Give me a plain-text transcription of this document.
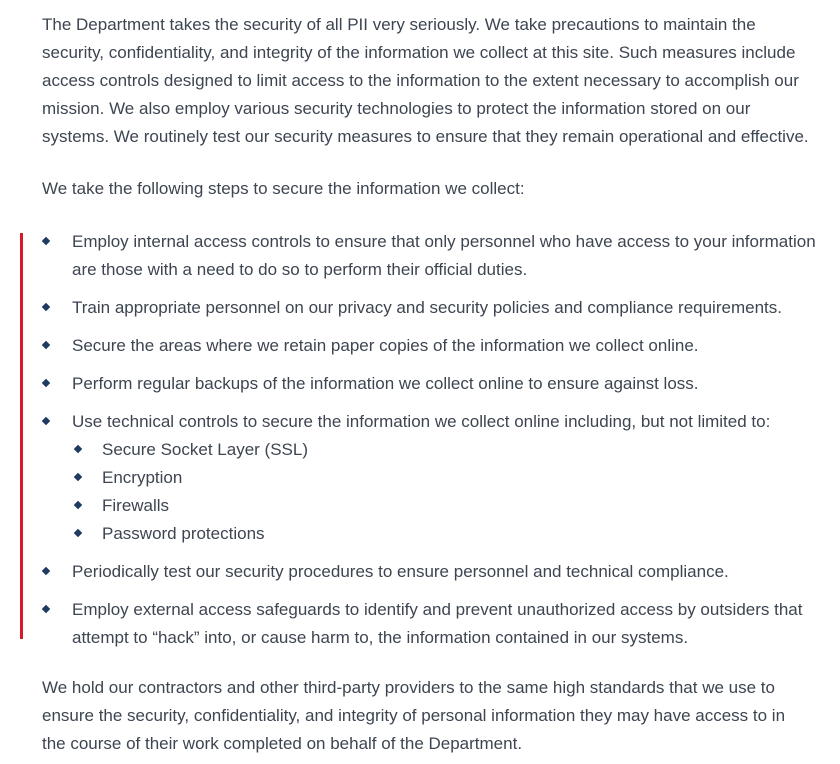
The Department takes the security of all PII very seriously. We take precautions to maintain the security, confidentiality, and integrity of the information we collect at this site. Such measures include access controls designed to limit access to the information to the extent necessary to accomplish our mission. We also employ various security technologies to protect the information stored on our systems. We routinely test our security measures to ensure that they remain operational and effective.

We take the following steps to secure the information we collect:

Employ internal access controls to ensure that only personnel who have access to your information are those with a need to do so to perform their official duties.
Train appropriate personnel on our privacy and security policies and compliance requirements.
Secure the areas where we retain paper copies of the information we collect online.
Perform regular backups of the information we collect online to ensure against loss.
Use technical controls to secure the information we collect online including, but not limited to:
Secure Socket Layer (SSL)
Encryption
Firewalls
Password protections
Periodically test our security procedures to ensure personnel and technical compliance.
Employ external access safeguards to identify and prevent unauthorized access by outsiders that attempt to “hack” into, or cause harm to, the information contained in our systems.

We hold our contractors and other third-party providers to the same high standards that we use to ensure the security, confidentiality, and integrity of personal information they may have access to in the course of their work completed on behalf of the Department.
